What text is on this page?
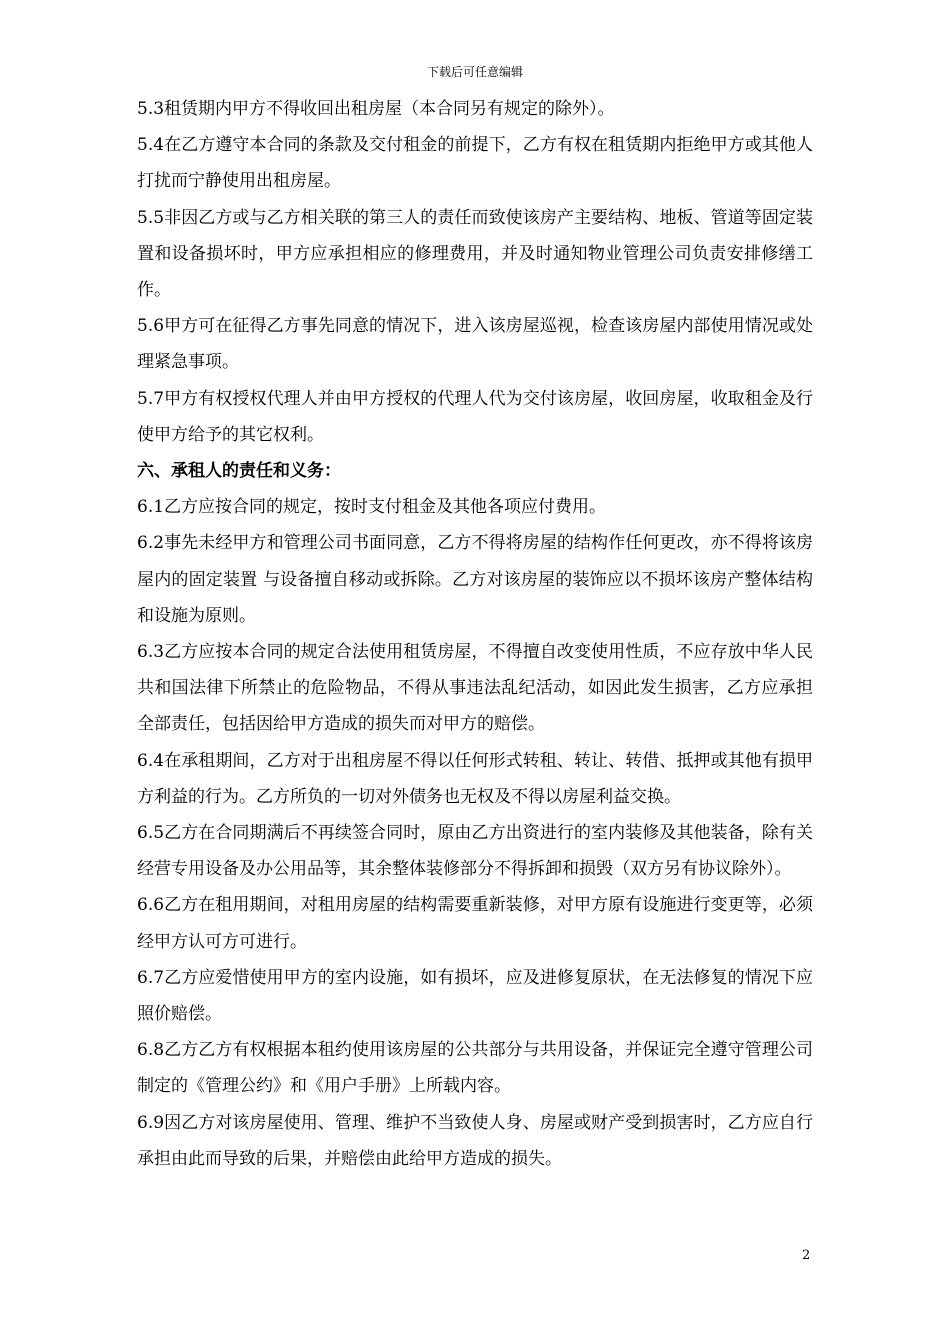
下载后可任意编辑

5.3租赁期内甲方不得收回出租房屋（本合同另有规定的除外）。

5.4在乙方遵守本合同的条款及交付租金的前提下，乙方有权在租赁期内拒绝甲方或其他人打扰而宁静使用出租房屋。

5.5非因乙方或与乙方相关联的第三人的责任而致使该房产主要结构、地板、管道等固定装置和设备损坏时，甲方应承担相应的修理费用，并及时通知物业管理公司负责安排修缮工作。

5.6甲方可在征得乙方事先同意的情况下，进入该房屋巡视，检查该房屋内部使用情况或处理紧急事项。

5.7甲方有权授权代理人并由甲方授权的代理人代为交付该房屋，收回房屋，收取租金及行使甲方给予的其它权利。

六、承租人的责任和义务：

6.1乙方应按合同的规定，按时支付租金及其他各项应付费用。

6.2事先未经甲方和管理公司书面同意，乙方不得将房屋的结构作任何更改，亦不得将该房屋内的固定装置 与设备擅自移动或拆除。乙方对该房屋的装饰应以不损坏该房产整体结构和设施为原则。

6.3乙方应按本合同的规定合法使用租赁房屋，不得擅自改变使用性质，不应存放中华人民共和国法律下所禁止的危险物品，不得从事违法乱纪活动，如因此发生损害，乙方应承担全部责任，包括因给甲方造成的损失而对甲方的赔偿。

6.4在承租期间，乙方对于出租房屋不得以任何形式转租、转让、转借、抵押或其他有损甲方利益的行为。乙方所负的一切对外债务也无权及不得以房屋利益交换。

6.5乙方在合同期满后不再续签合同时，原由乙方出资进行的室内装修及其他装备，除有关经营专用设备及办公用品等，其余整体装修部分不得拆卸和损毁（双方另有协议除外）。

6.6乙方在租用期间，对租用房屋的结构需要重新装修，对甲方原有设施进行变更等，必须经甲方认可方可进行。

6.7乙方应爱惜使用甲方的室内设施，如有损坏，应及进修复原状，在无法修复的情况下应照价赔偿。

6.8乙方乙方有权根据本租约使用该房屋的公共部分与共用设备，并保证完全遵守管理公司制定的《管理公约》和《用户手册》上所载内容。

6.9因乙方对该房屋使用、管理、维护不当致使人身、房屋或财产受到损害时，乙方应自行承担由此而导致的后果，并赔偿由此给甲方造成的损失。

2
